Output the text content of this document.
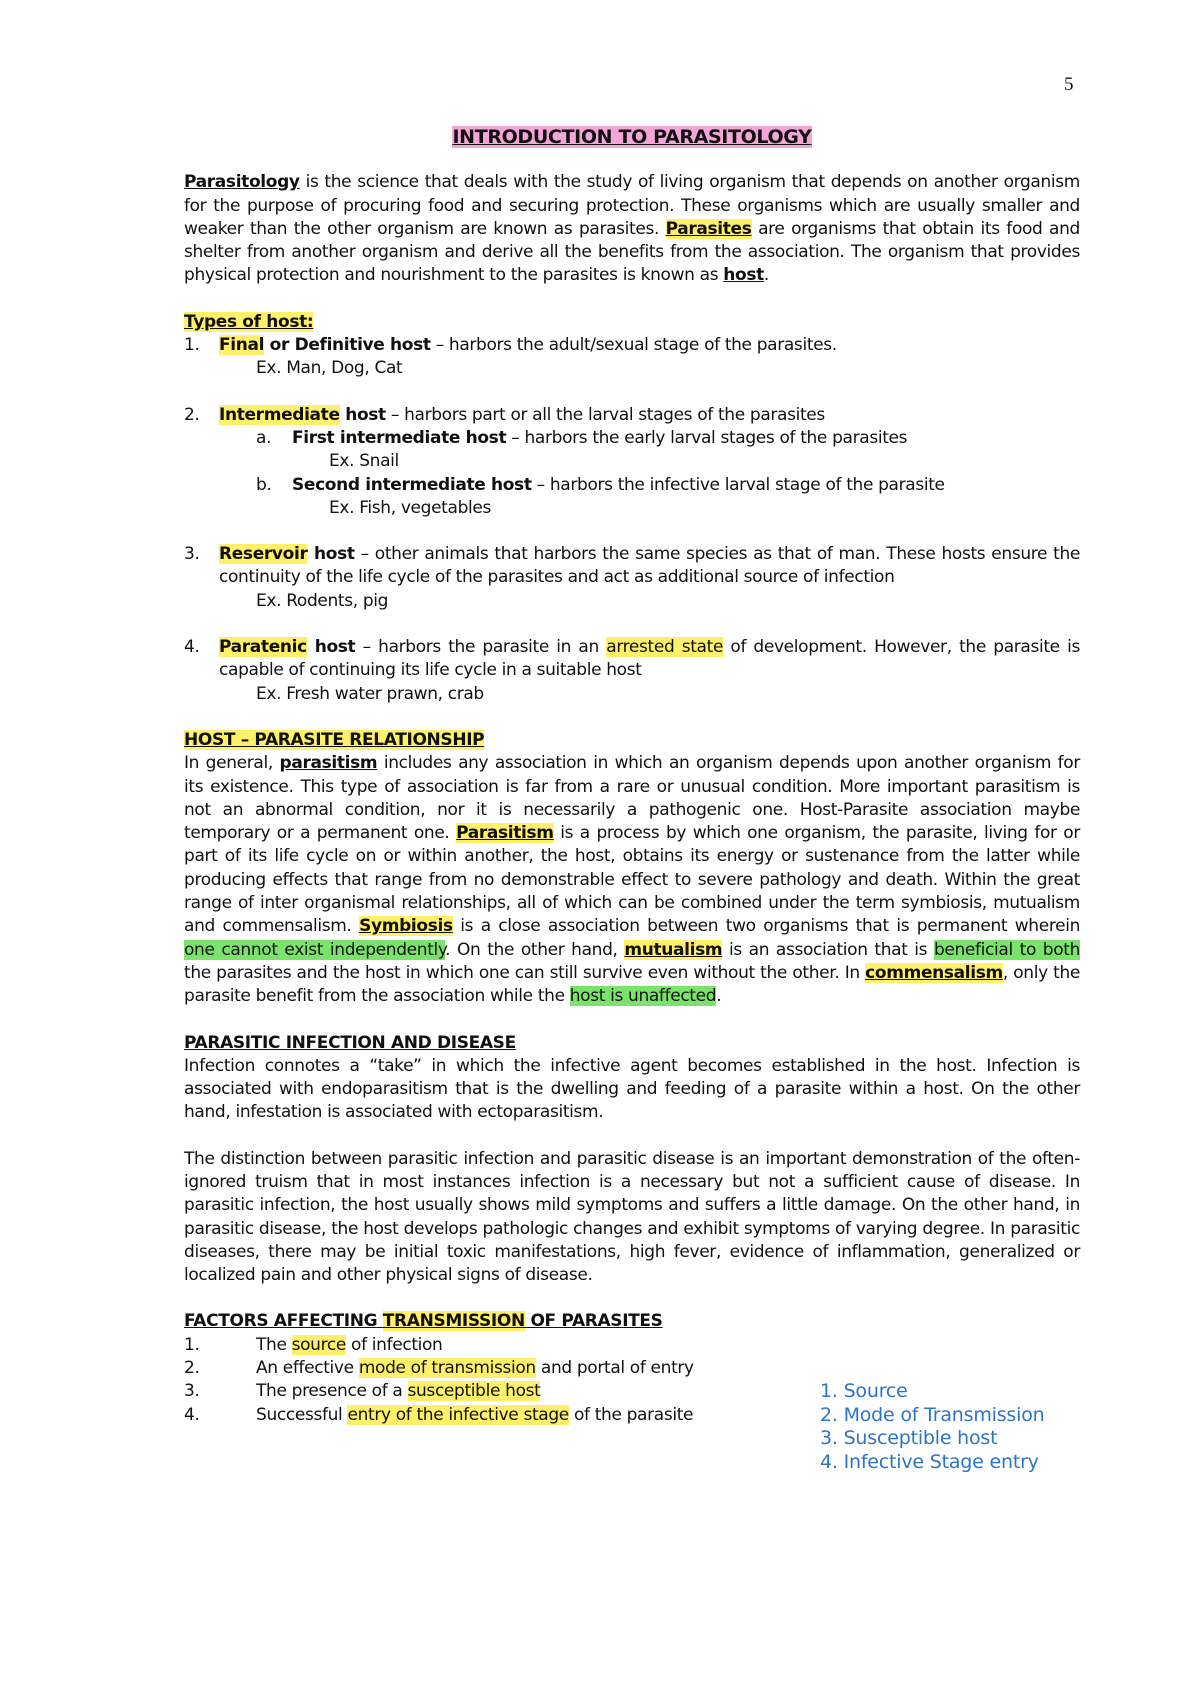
5

INTRODUCTION TO PARASITOLOGY

Parasitology is the science that deals with the study of living organism that depends on another organism for the purpose of procuring food and securing protection. These organisms which are usually smaller and weaker than the other organism are known as parasites. Parasites are organisms that obtain its food and shelter from another organism and derive all the benefits from the association. The organism that provides physical protection and nourishment to the parasites is known as host.

Types of host:

1. Final or Definitive host – harbors the adult/sexual stage of the parasites.
Ex. Man, Dog, Cat
2. Intermediate host – harbors part or all the larval stages of the parasites
a. First intermediate host – harbors the early larval stages of the parasites
Ex. Snail
b. Second intermediate host – harbors the infective larval stage of the parasite
Ex. Fish, vegetables
3. Reservoir host – other animals that harbors the same species as that of man. These hosts ensure the continuity of the life cycle of the parasites and act as additional source of infection
Ex. Rodents, pig
4. Paratenic host – harbors the parasite in an arrested state of development. However, the parasite is capable of continuing its life cycle in a suitable host
Ex. Fresh water prawn, crab

HOST – PARASITE RELATIONSHIP

In general, parasitism includes any association in which an organism depends upon another organism for its existence. This type of association is far from a rare or unusual condition. More important parasitism is not an abnormal condition, nor it is necessarily a pathogenic one. Host-Parasite association maybe temporary or a permanent one. Parasitism is a process by which one organism, the parasite, living for or part of its life cycle on or within another, the host, obtains its energy or sustenance from the latter while producing effects that range from no demonstrable effect to severe pathology and death. Within the great range of inter organismal relationships, all of which can be combined under the term symbiosis, mutualism and commensalism. Symbiosis is a close association between two organisms that is permanent wherein one cannot exist independently. On the other hand, mutualism is an association that is beneficial to both the parasites and the host in which one can still survive even without the other. In commensalism, only the parasite benefit from the association while the host is unaffected.

PARASITIC INFECTION AND DISEASE

Infection connotes a “take” in which the infective agent becomes established in the host. Infection is associated with endoparasitism that is the dwelling and feeding of a parasite within a host. On the other hand, infestation is associated with ectoparasitism.

The distinction between parasitic infection and parasitic disease is an important demonstration of the often- ignored truism that in most instances infection is a necessary but not a sufficient cause of disease. In parasitic infection, the host usually shows mild symptoms and suffers a little damage. On the other hand, in parasitic disease, the host develops pathologic changes and exhibit symptoms of varying degree. In parasitic diseases, there may be initial toxic manifestations, high fever, evidence of inflammation, generalized or localized pain and other physical signs of disease.

FACTORS AFFECTING TRANSMISSION OF PARASITES

1.	The source of infection
2.	An effective mode of transmission and portal of entry
3.	The presence of a susceptible host
4.	Successful entry of the infective stage of the parasite
1. Source
2. Mode of Transmission
3. Susceptible host
4. Infective Stage entry
